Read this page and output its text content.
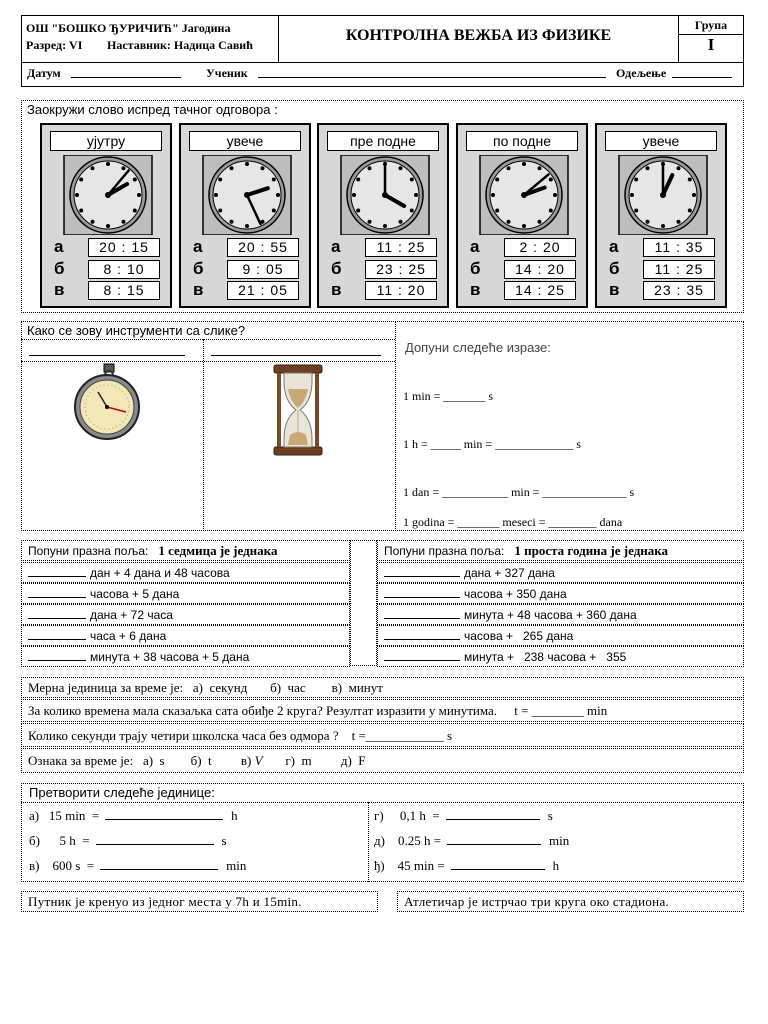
ОШ "БОШКО ЂУРИЧИЋ" Јагодина
Разред: VI Наставник: Надица Савић
КОНТРОЛНА ВЕЖБА ИЗ ФИЗИКЕ
Група
I
Датум	Ученик	Одељење
Заокружи слово испред тачног одговора :
ујутру
а	20 : 15
б	8 : 10
в	8 : 15
увече
а	20 : 55
б	9 : 05
в	21 : 05
пре подне
а	11 : 25
б	23 : 25
в	11 : 20
по подне
а	2 : 20
б	14 : 20
в	14 : 25
увече
а	11 : 35
б	11 : 25
в	23 : 35
Како се зову инструменти са слике?
Допуни следеће изразе:
1 min = _______ s
1 h = _____ min = _____________ s
1 dan = ___________ min = ______________ s
1 godina = _______ meseci = ________ dana
Попуни празна поља: 1 седмица је једнака
дан + 4 дана и 48 часова
часова + 5 дана
дана + 72 часа
часа + 6 дана
минута + 38 часова + 5 дана
Попуни празна поља: 1 проста година је једнака
дана + 327 дана
часова + 350 дана
минута + 48 часова + 360 дана
часова +   265 дана
минута +   238 часова +   355
Мерна јединица за време је:   а)  секунд       б)  час        в)  минут
За колико времена мала сказаљка сата обиђе 2 круга? Резултат изразити у минутима. t = ________ min
Колико секунди трају четири школска часа без одмора ?    t =____________ s
Ознака за време је:   а)  s        б)  t         в) V       г)  m         д)  F
Претворити следеће јединице:
а)   15 min  =	h
б)      5 h  =	s
в)    600 s  =	min
г)     0,1 h  =	s
д)    0.25 h =	min
ђ)    45 min =	h
Путник је кренуо из једног места у 7h и 15min.	Атлетичар је истрчао три круга око стадиона.
